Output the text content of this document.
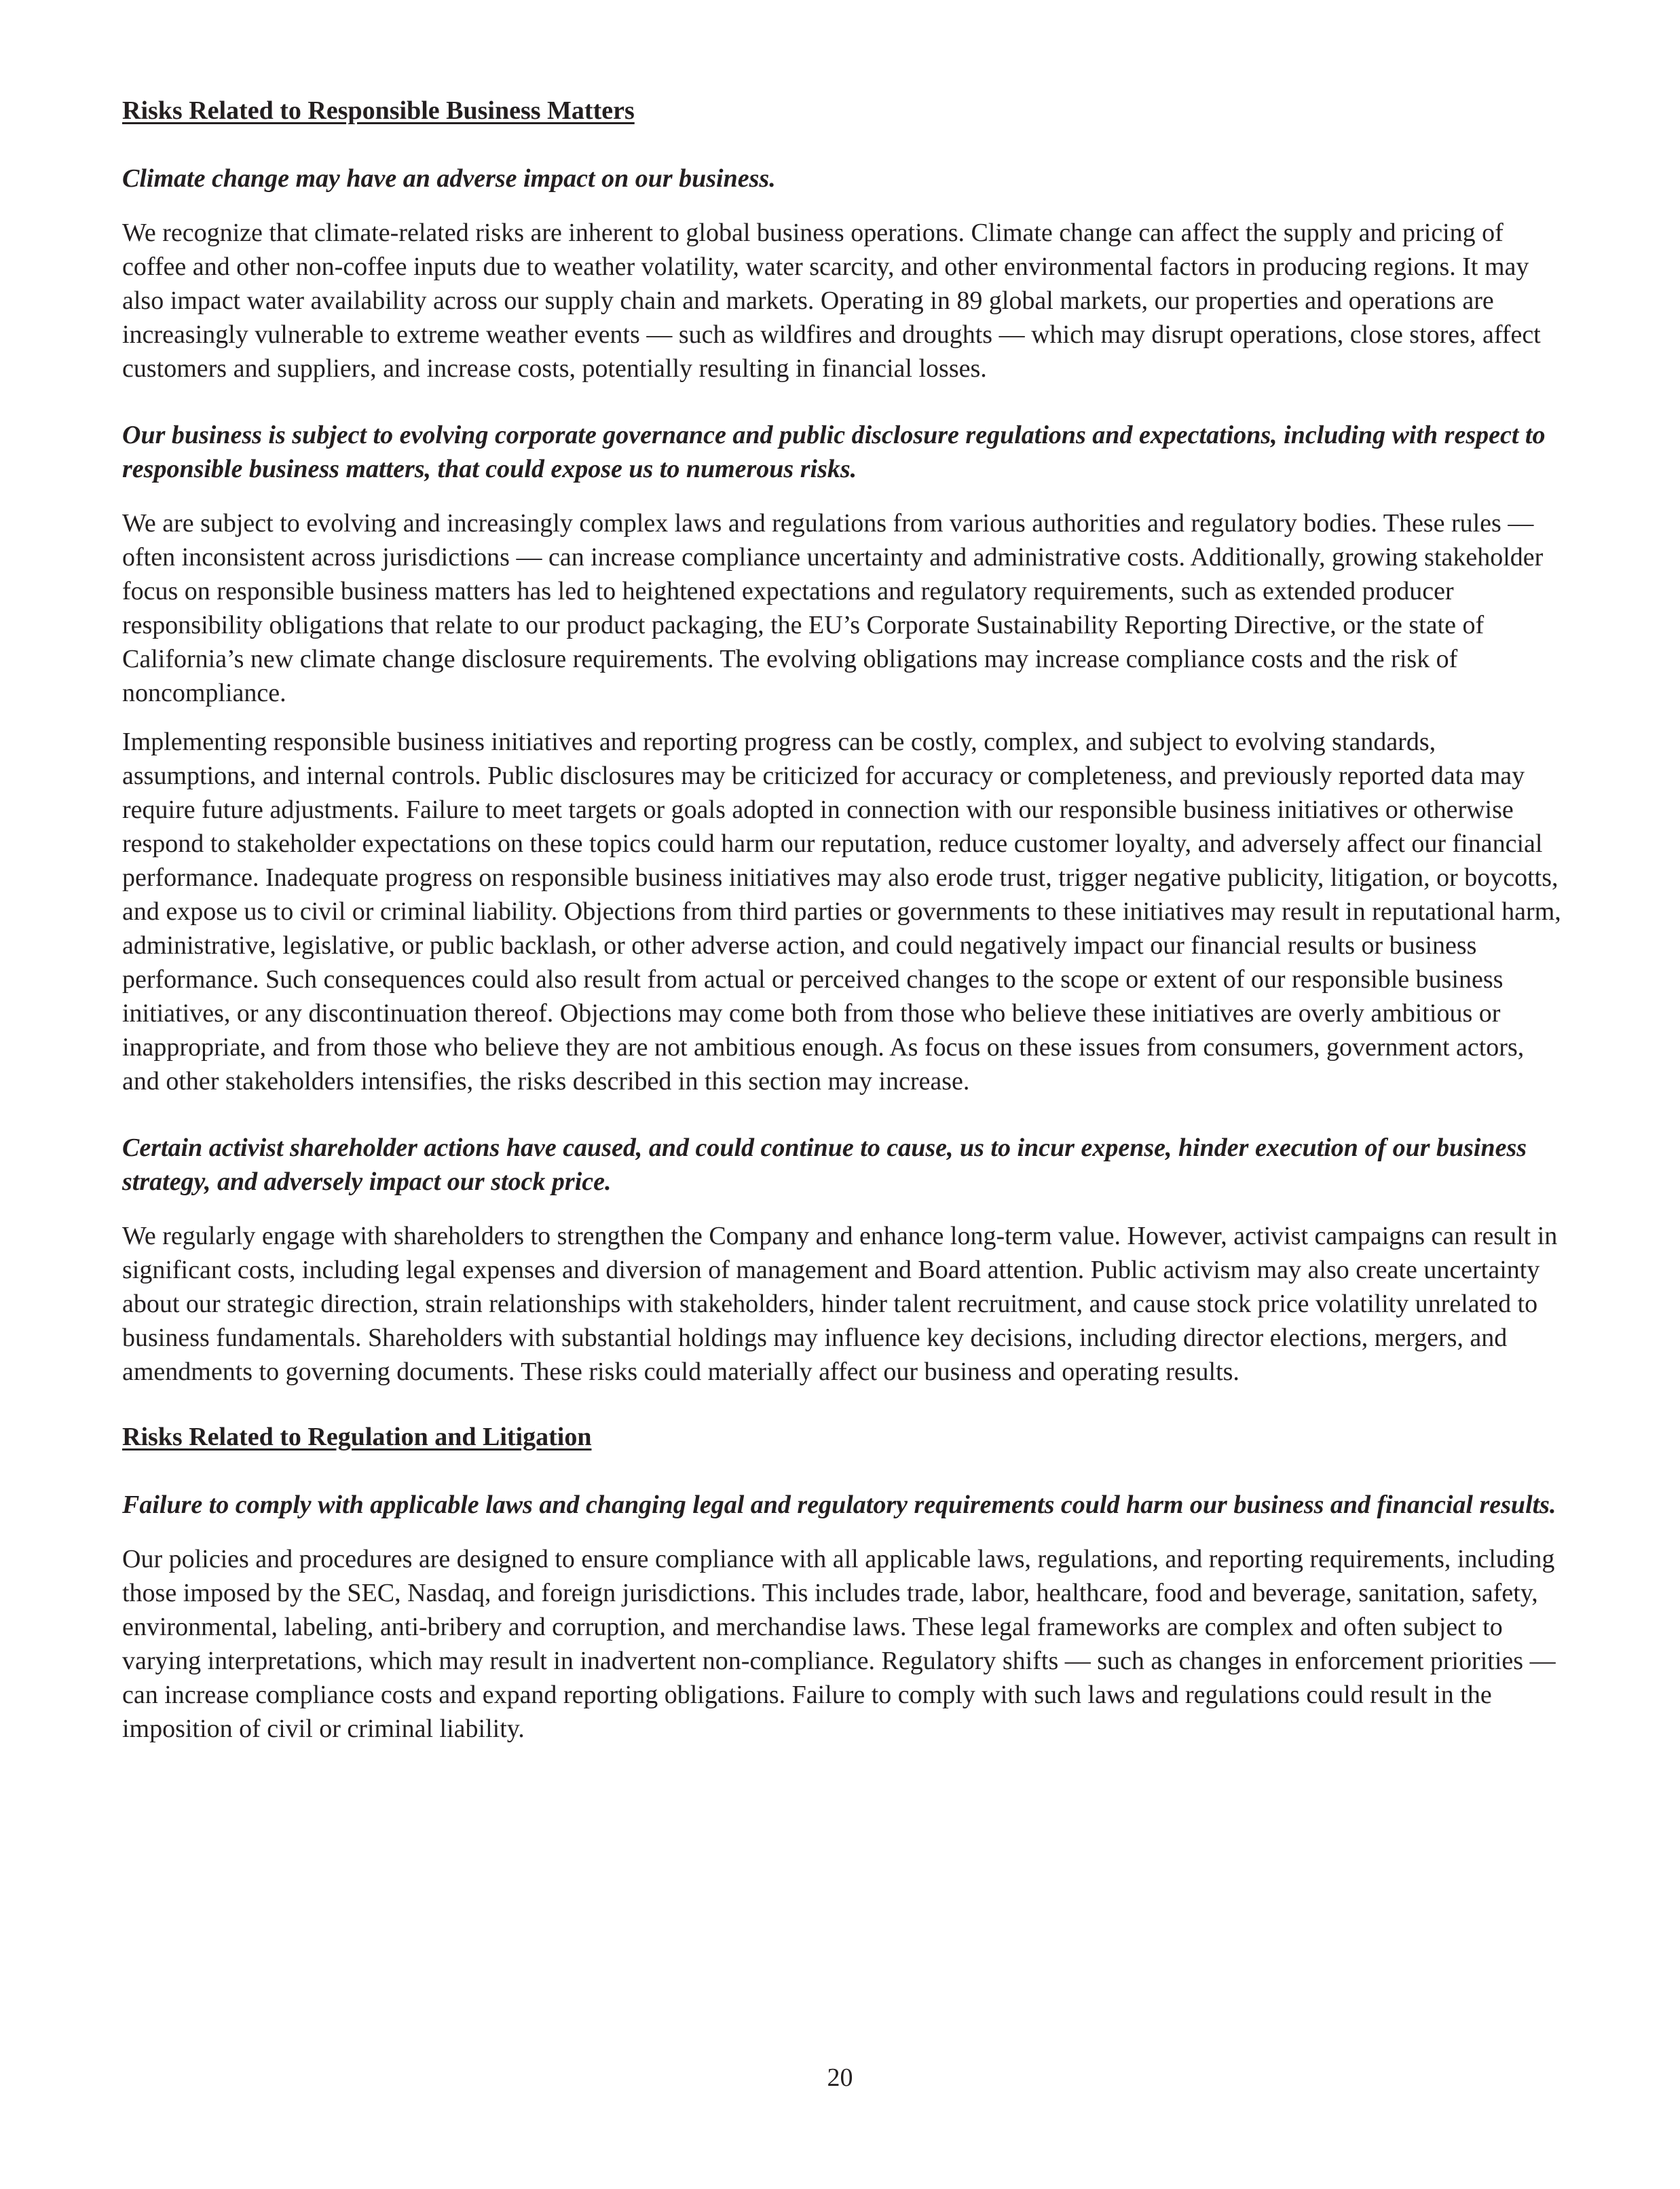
Risks Related to Responsible Business Matters

Climate change may have an adverse impact on our business.

We recognize that climate-related risks are inherent to global business operations. Climate change can affect the supply and pricing of coffee and other non-coffee inputs due to weather volatility, water scarcity, and other environmental factors in producing regions. It may also impact water availability across our supply chain and markets. Operating in 89 global markets, our properties and operations are increasingly vulnerable to extreme weather events — such as wildfires and droughts — which may disrupt operations, close stores, affect customers and suppliers, and increase costs, potentially resulting in financial losses.

Our business is subject to evolving corporate governance and public disclosure regulations and expectations, including with respect to responsible business matters, that could expose us to numerous risks.

We are subject to evolving and increasingly complex laws and regulations from various authorities and regulatory bodies. These rules — often inconsistent across jurisdictions — can increase compliance uncertainty and administrative costs. Additionally, growing stakeholder focus on responsible business matters has led to heightened expectations and regulatory requirements, such as extended producer responsibility obligations that relate to our product packaging, the EU’s Corporate Sustainability Reporting Directive, or the state of California’s new climate change disclosure requirements. The evolving obligations may increase compliance costs and the risk of noncompliance.

Implementing responsible business initiatives and reporting progress can be costly, complex, and subject to evolving standards, assumptions, and internal controls. Public disclosures may be criticized for accuracy or completeness, and previously reported data may require future adjustments. Failure to meet targets or goals adopted in connection with our responsible business initiatives or otherwise respond to stakeholder expectations on these topics could harm our reputation, reduce customer loyalty, and adversely affect our financial performance. Inadequate progress on responsible business initiatives may also erode trust, trigger negative publicity, litigation, or boycotts, and expose us to civil or criminal liability. Objections from third parties or governments to these initiatives may result in reputational harm, administrative, legislative, or public backlash, or other adverse action, and could negatively impact our financial results or business performance. Such consequences could also result from actual or perceived changes to the scope or extent of our responsible business initiatives, or any discontinuation thereof. Objections may come both from those who believe these initiatives are overly ambitious or inappropriate, and from those who believe they are not ambitious enough. As focus on these issues from consumers, government actors, and other stakeholders intensifies, the risks described in this section may increase.

Certain activist shareholder actions have caused, and could continue to cause, us to incur expense, hinder execution of our business strategy, and adversely impact our stock price.

We regularly engage with shareholders to strengthen the Company and enhance long-term value. However, activist campaigns can result in significant costs, including legal expenses and diversion of management and Board attention. Public activism may also create uncertainty about our strategic direction, strain relationships with stakeholders, hinder talent recruitment, and cause stock price volatility unrelated to business fundamentals. Shareholders with substantial holdings may influence key decisions, including director elections, mergers, and amendments to governing documents. These risks could materially affect our business and operating results.

Risks Related to Regulation and Litigation

Failure to comply with applicable laws and changing legal and regulatory requirements could harm our business and financial results.

Our policies and procedures are designed to ensure compliance with all applicable laws, regulations, and reporting requirements, including those imposed by the SEC, Nasdaq, and foreign jurisdictions. This includes trade, labor, healthcare, food and beverage, sanitation, safety, environmental, labeling, anti-bribery and corruption, and merchandise laws. These legal frameworks are complex and often subject to varying interpretations, which may result in inadvertent non-compliance. Regulatory shifts — such as changes in enforcement priorities — can increase compliance costs and expand reporting obligations. Failure to comply with such laws and regulations could result in the imposition of civil or criminal liability.

20
